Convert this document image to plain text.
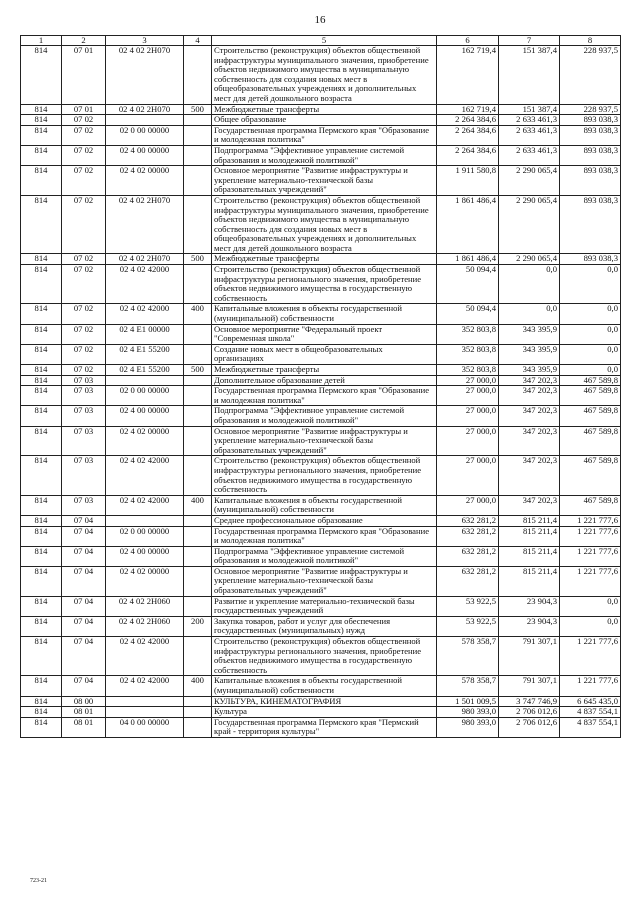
16
1	2	3	4	5	6	7	8
814	07 01	02 4 02 2Н070		Строительство (реконструкция) объектов общественной инфраструктуры муниципального значения, приобретение объектов недвижимого имущества в муниципальную собственность для создания новых мест в общеобразовательных учреждениях и дополнительных мест для детей дошкольного возраста	162 719,4	151 387,4	228 937,5
814	07 01	02 4 02 2Н070	500	Межбюджетные трансферты	162 719,4	151 387,4	228 937,5
814	07 02			Общее образование	2 264 384,6	2 633 461,3	893 038,3
814	07 02	02 0 00 00000		Государственная программа Пермского края "Образование и молодежная политика"	2 264 384,6	2 633 461,3	893 038,3
814	07 02	02 4 00 00000		Подпрограмма "Эффективное управление системой образования и молодежной политикой"	2 264 384,6	2 633 461,3	893 038,3
814	07 02	02 4 02 00000		Основное мероприятие "Развитие инфраструктуры и укрепление материально-технической базы образовательных учреждений"	1 911 580,8	2 290 065,4	893 038,3
814	07 02	02 4 02 2Н070		Строительство (реконструкция) объектов общественной инфраструктуры муниципального значения, приобретение объектов недвижимого имущества в муниципальную собственность для создания новых мест в общеобразовательных учреждениях и дополнительных мест для детей дошкольного возраста	1 861 486,4	2 290 065,4	893 038,3
814	07 02	02 4 02 2Н070	500	Межбюджетные трансферты	1 861 486,4	2 290 065,4	893 038,3
814	07 02	02 4 02 42000		Строительство (реконструкция) объектов общественной инфраструктуры регионального значения, приобретение объектов недвижимого имущества в государственную собственность	50 094,4	0,0	0,0
814	07 02	02 4 02 42000	400	Капитальные вложения в объекты государственной (муниципальной) собственности	50 094,4	0,0	0,0
814	07 02	02 4 E1 00000		Основное мероприятие "Федеральный проект "Современная школа"	352 803,8	343 395,9	0,0
814	07 02	02 4 E1 55200		Создание новых мест в общеобразовательных организациях	352 803,8	343 395,9	0,0
814	07 02	02 4 E1 55200	500	Межбюджетные трансферты	352 803,8	343 395,9	0,0
814	07 03			Дополнительное образование детей	27 000,0	347 202,3	467 589,8
814	07 03	02 0 00 00000		Государственная программа Пермского края "Образование и молодежная политика"	27 000,0	347 202,3	467 589,8
814	07 03	02 4 00 00000		Подпрограмма "Эффективное управление системой образования и молодежной политикой"	27 000,0	347 202,3	467 589,8
814	07 03	02 4 02 00000		Основное мероприятие "Развитие инфраструктуры и укрепление материально-технической базы образовательных учреждений"	27 000,0	347 202,3	467 589,8
814	07 03	02 4 02 42000		Строительство (реконструкция) объектов общественной инфраструктуры регионального значения, приобретение объектов недвижимого имущества в государственную собственность	27 000,0	347 202,3	467 589,8
814	07 03	02 4 02 42000	400	Капитальные вложения в объекты государственной (муниципальной) собственности	27 000,0	347 202,3	467 589,8
814	07 04			Среднее профессиональное образование	632 281,2	815 211,4	1 221 777,6
814	07 04	02 0 00 00000		Государственная программа Пермского края "Образование и молодежная политика"	632 281,2	815 211,4	1 221 777,6
814	07 04	02 4 00 00000		Подпрограмма "Эффективное управление системой образования и молодежной политикой"	632 281,2	815 211,4	1 221 777,6
814	07 04	02 4 02 00000		Основное мероприятие "Развитие инфраструктуры и укрепление материально-технической базы образовательных учреждений"	632 281,2	815 211,4	1 221 777,6
814	07 04	02 4 02 2Н060		Развитие и укрепление материально-технической базы государственных учреждений	53 922,5	23 904,3	0,0
814	07 04	02 4 02 2Н060	200	Закупка товаров, работ и услуг для обеспечения государственных (муниципальных) нужд	53 922,5	23 904,3	0,0
814	07 04	02 4 02 42000		Строительство (реконструкция) объектов общественной инфраструктуры регионального значения, приобретение объектов недвижимого имущества в государственную собственность	578 358,7	791 307,1	1 221 777,6
814	07 04	02 4 02 42000	400	Капитальные вложения в объекты государственной (муниципальной) собственности	578 358,7	791 307,1	1 221 777,6
814	08 00			КУЛЬТУРА, КИНЕМАТОГРАФИЯ	1 501 009,5	3 747 746,9	6 645 435,0
814	08 01			Культура	980 393,0	2 706 012,6	4 837 554,1
814	08 01	04 0 00 00000		Государственная программа Пермского края "Пермский край - территория культуры"	980 393,0	2 706 012,6	4 837 554,1
723-21
